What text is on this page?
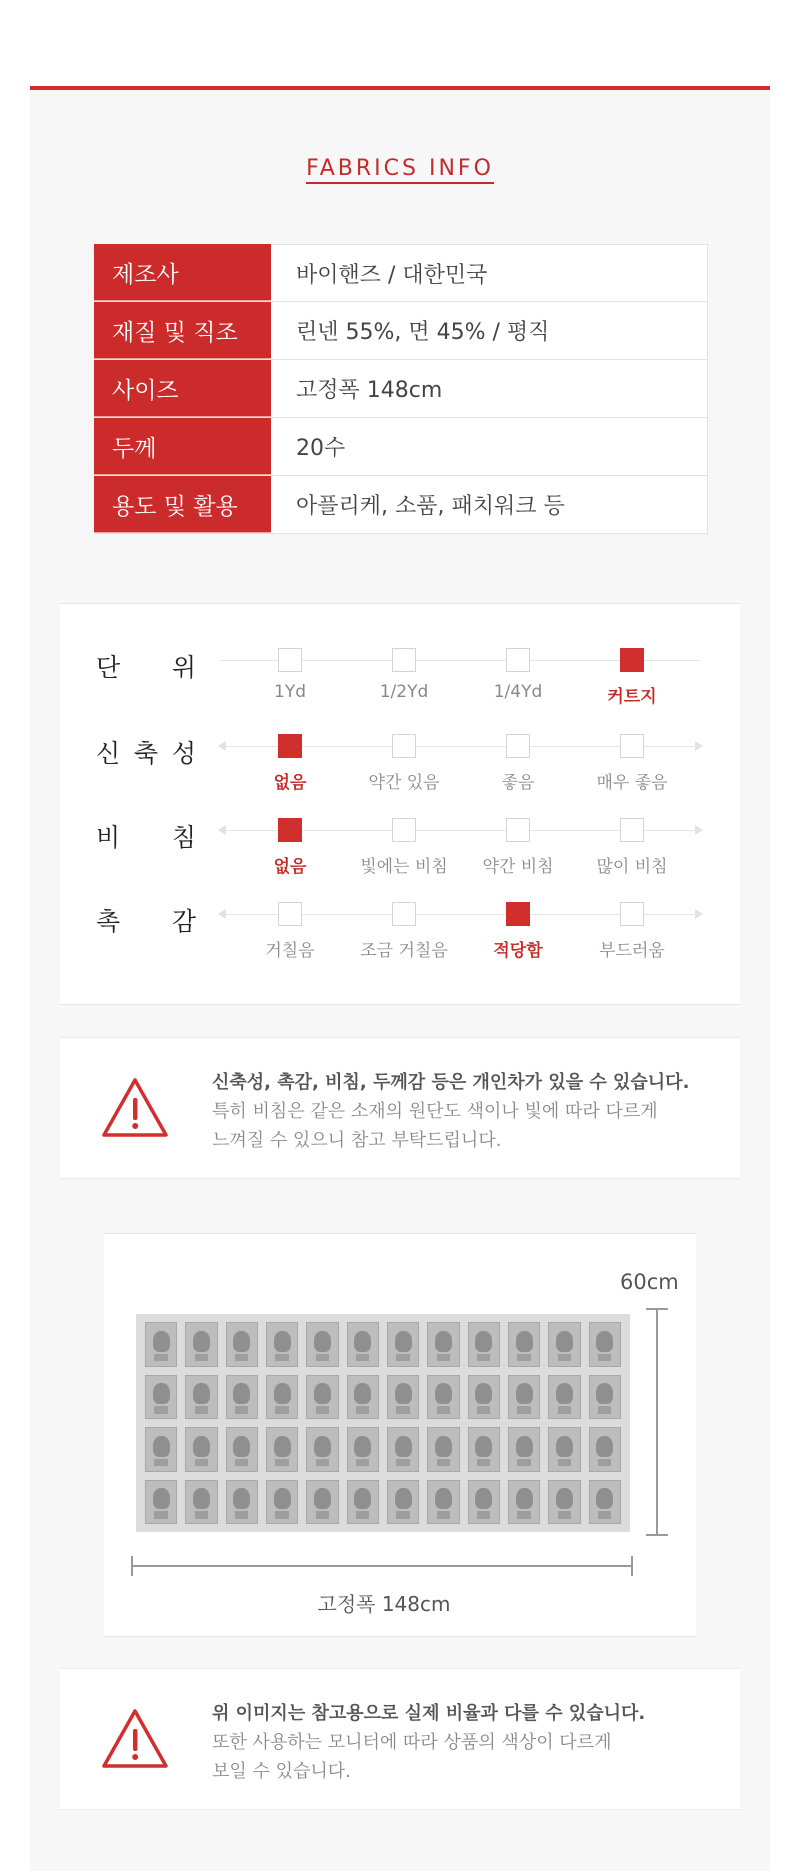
FABRICS INFO
제조사	바이핸즈 / 대한민국
재질 및 직조	린넨 55%, 면 45% / 평직
사이즈	고정폭 148cm
두께	20수
용도 및 활용	아플리케, 소품, 패치워크 등
단 위
1Yd	1/2Yd	1/4Yd	커트지
신 축 성
없음	약간 있음	좋음	매우 좋음
비 침
없음	빛에는 비침	약간 비침	많이 비침
촉 감
거칠음	조금 거칠음	적당함	부드러움
신축성, 촉감, 비침, 두께감 등은 개인차가 있을 수 있습니다.
특히 비침은 같은 소재의 원단도 색이나 빛에 따라 다르게
느껴질 수 있으니 참고 부탁드립니다.
60cm
고정폭 148cm
위 이미지는 참고용으로 실제 비율과 다를 수 있습니다.
또한 사용하는 모니터에 따라 상품의 색상이 다르게
보일 수 있습니다.
